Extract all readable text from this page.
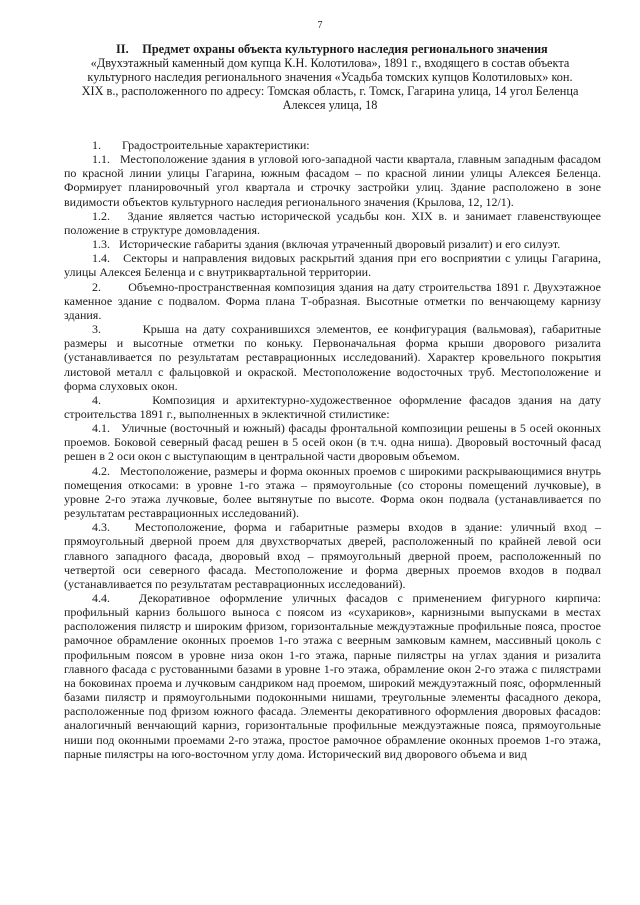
7
II.	Предмет охраны объекта культурного наследия регионального значения
«Двухэтажный каменный дом купца К.Н. Колотилова», 1891 г., входящего в состав объекта культурного наследия регионального значения «Усадьба томских купцов Колотиловых» кон. XIX в., расположенного по адресу: Томская область, г. Томск, Гагарина улица, 14 угол Беленца Алексея улица, 18

1.       Градостроительные характеристики:

1.1.   Местоположение здания в угловой юго-западной части квартала, главным западным фасадом по красной линии улицы Гагарина, южным фасадом – по красной линии улицы Алексея Беленца. Формирует планировочный угол квартала и строчку застройки улиц. Здание расположено в зоне видимости объектов культурного наследия регионального значения (Крылова, 12, 12/1).

1.2.   Здание является частью исторической усадьбы кон. XIX в. и занимает главенствующее положение в структуре домовладения.

1.3.   Исторические габариты здания (включая утраченный дворовый ризалит) и его силуэт.

1.4.   Секторы и направления видовых раскрытий здания при его восприятии с улицы Гагарина, улицы Алексея Беленца и с внутриквартальной территории.

2.       Объемно-пространственная композиция здания на дату строительства 1891 г. Двухэтажное каменное здание с подвалом. Форма плана Т-образная. Высотные отметки по венчающему карнизу здания.

3.       Крыша на дату сохранившихся элементов, ее конфигурация (вальмовая), габаритные размеры и высотные отметки по коньку. Первоначальная форма крыши дворового ризалита (устанавливается по результатам реставрационных исследований). Характер кровельного покрытия листовой металл с фальцовкой и окраской. Местоположение водосточных труб. Местоположение и форма слуховых окон.

4.       Композиция и архитектурно-художественное оформление фасадов здания на дату строительства 1891 г., выполненных в эклектичной стилистике:

4.1.   Уличные (восточный и южный) фасады фронтальной композиции решены в 5 осей оконных проемов. Боковой северный фасад решен в 5 осей окон (в т.ч. одна ниша). Дворовый восточный фасад решен в 2 оси окон с выступающим в центральной части дворовым объемом.

4.2.   Местоположение, размеры и форма оконных проемов с широкими раскрывающимися внутрь помещения откосами: в уровне 1-го этажа – прямоугольные (со стороны помещений лучковые), в уровне 2-го этажа лучковые, более вытянутые по высоте. Форма окон подвала (устанавливается по результатам реставрационных исследований).

4.3.   Местоположение, форма и габаритные размеры входов в здание: уличный вход – прямоугольный дверной проем для двухстворчатых дверей, расположенный по крайней левой оси главного западного фасада, дворовый вход – прямоугольный дверной проем, расположенный по четвертой оси северного фасада. Местоположение и форма дверных проемов входов в подвал (устанавливается по результатам реставрационных исследований).

4.4.   Декоративное оформление уличных фасадов с применением фигурного кирпича: профильный карниз большого выноса с поясом из «сухариков», карнизными выпусками в местах расположения пилястр и широким фризом, горизонтальные междуэтажные профильные пояса, простое рамочное обрамление оконных проемов 1-го этажа с веерным замковым камнем, массивный цоколь с профильным поясом в уровне низа окон 1-го этажа, парные пилястры на углах здания и ризалита главного фасада с рустованными базами в уровне 1-го этажа, обрамление окон 2-го этажа с пилястрами на боковинах проема и лучковым сандриком над проемом, широкий междуэтажный пояс, оформленный базами пилястр и прямоугольными подоконными нишами, треугольные элементы фасадного декора, расположенные под фризом южного фасада. Элементы декоративного оформления дворовых фасадов: аналогичный венчающий карниз, горизонтальные профильные междуэтажные пояса, прямоугольные ниши под оконными проемами 2-го этажа, простое рамочное обрамление оконных проемов 1-го этажа, парные пилястры на юго-восточном углу дома. Исторический вид дворового объема и вид
